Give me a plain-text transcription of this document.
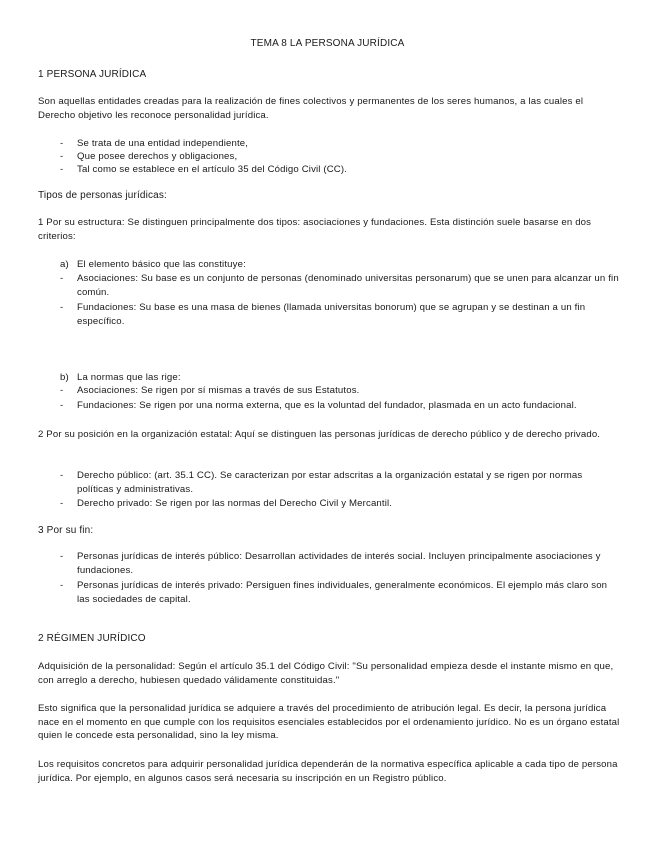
TEMA 8 LA PERSONA JURÍDICA
1 PERSONA JURÍDICA
Son aquellas entidades creadas para la realización de fines colectivos y permanentes de los seres humanos, a las cuales el Derecho objetivo les reconoce personalidad jurídica.
-	Se trata de una entidad independiente,
-	Que posee derechos y obligaciones,
-	Tal como se establece en el artículo 35 del Código Civil (CC).
Tipos de personas jurídicas:
1 Por su estructura: Se distinguen principalmente dos tipos: asociaciones y fundaciones. Esta distinción suele basarse en dos criterios:
a) El elemento básico que las constituye:
-	Asociaciones: Su base es un conjunto de personas (denominado universitas personarum) que se unen para alcanzar un fin común.
-	Fundaciones: Su base es una masa de bienes (llamada universitas bonorum) que se agrupan y se destinan a un fin específico.
b) La normas que las rige:
-	Asociaciones: Se rigen por sí mismas a través de sus Estatutos.
-	Fundaciones: Se rigen por una norma externa, que es la voluntad del fundador, plasmada en un acto fundacional.
2 Por su posición en la organización estatal: Aquí se distinguen las personas jurídicas de derecho público y de derecho privado.
-	Derecho público: (art. 35.1 CC). Se caracterizan por estar adscritas a la organización estatal y se rigen por normas políticas y administrativas.
-	Derecho privado: Se rigen por las normas del Derecho Civil y Mercantil.
3 Por su fin:
-	Personas jurídicas de interés público: Desarrollan actividades de interés social. Incluyen principalmente asociaciones y fundaciones.
-	Personas jurídicas de interés privado: Persiguen fines individuales, generalmente económicos. El ejemplo más claro son las sociedades de capital.
2 RÉGIMEN JURÍDICO
Adquisición de la personalidad: Según el artículo 35.1 del Código Civil: "Su personalidad empieza desde el instante mismo en que, con arreglo a derecho, hubiesen quedado válidamente constituidas."
Esto significa que la personalidad jurídica se adquiere a través del procedimiento de atribución legal. Es decir, la persona jurídica nace en el momento en que cumple con los requisitos esenciales establecidos por el ordenamiento jurídico. No es un órgano estatal quien le concede esta personalidad, sino la ley misma.
Los requisitos concretos para adquirir personalidad jurídica dependerán de la normativa específica aplicable a cada tipo de persona jurídica. Por ejemplo, en algunos casos será necesaria su inscripción en un Registro público.
